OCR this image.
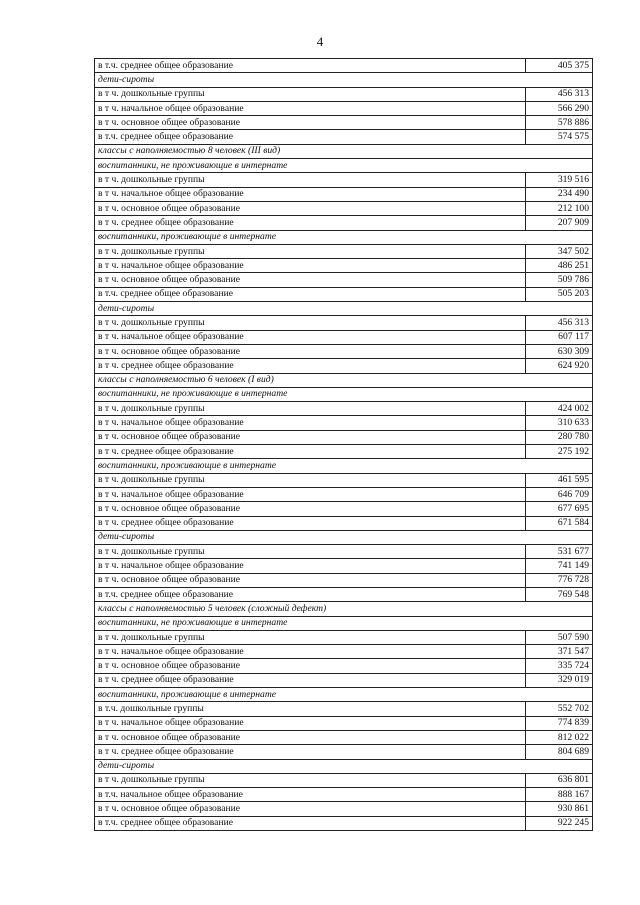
4
в т.ч. среднее общее образование	405 375
дети-сироты	
в т ч. дошкольные группы	456 313
в т ч. начальное общее образование	566 290
в т ч. основное общее образование	578 886
в т.ч. среднее общее образование	574 575
классы с наполняемостью 8 человек (III вид)	
воспитанники, не проживающие в интернате	
в т ч. дошкольные группы	319 516
в т ч. начальное общее образование	234 490
в т ч. основное общее образование	212 100
в т ч. среднее общее образование	207 909
воспитанники, проживающие в интернате	
в т ч. дошкольные группы	347 502
в т ч. начальное общее образование	486 251
в т ч. основное общее образование	509 786
в т.ч. среднее общее образование	505 203
дети-сироты	
в т ч. дошкольные группы	456 313
в т ч. начальное общее образование	607 117
в т ч. основное общее образование	630 309
в т ч. среднее общее образование	624 920
классы с наполняемостью 6 человек (I вид)	
воспитанники, не проживающие в интернате	
в т ч. дошкольные группы	424 002
в т ч. начальное общее образование	310 633
в т ч. основное общее образование	280 780
в т ч. среднее общее образование	275 192
воспитанники, проживающие в интернате	
в т ч. дошкольные группы	461 595
в т ч. начальное общее образование	646 709
в т ч. основное общее образование	677 695
в т ч. среднее общее образование	671 584
дети-сироты	
в т ч. дошкольные группы	531 677
в т ч. начальное общее образование	741 149
в т ч. основное общее образование	776 728
в т.ч. среднее общее образование	769 548
классы с наполняемостью 5 человек (сложный дефект)	
воспитанники, не проживающие в интернате	
в т ч. дошкольные группы	507 590
в т ч. начальное общее образование	371 547
в т ч. основное общее образование	335 724
в т ч. среднее общее образование	329 019
воспитанники, проживающие в интернате	
в т.ч. дошкольные группы	552 702
в т ч. начальное общее образование	774 839
в т ч. основное общее образование	812 022
в т ч. среднее общее образование	804 689
дети-сироты	
в т ч. дошкольные группы	636 801
в т.ч. начальное общее образование	888 167
в т ч. основное общее образование	930 861
в т.ч. среднее общее образование	922 245
